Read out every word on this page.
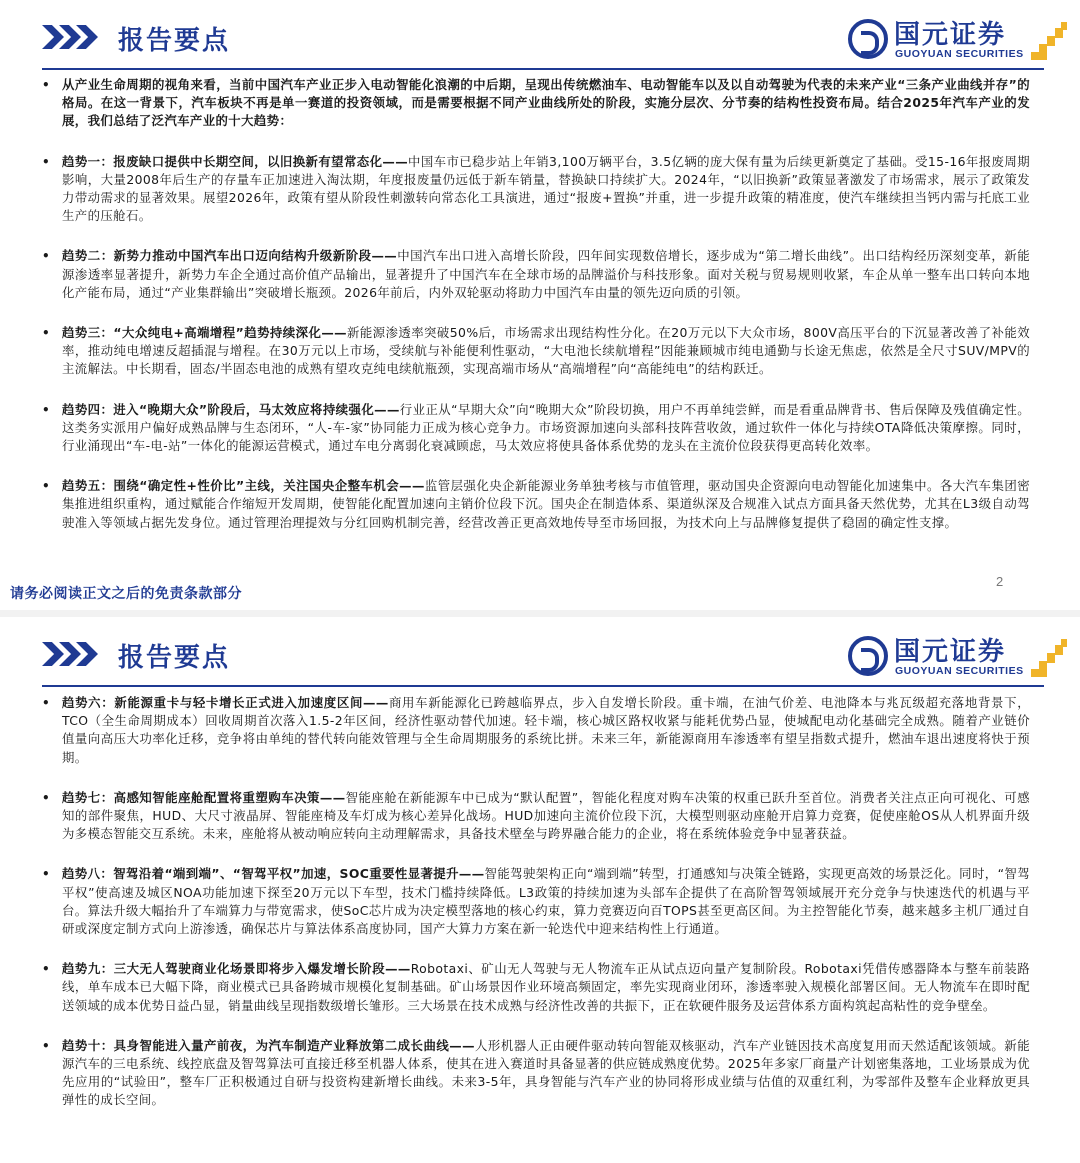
报告要点	国元证券
GUOYUAN SECURITIES
• 从产业生命周期的视角来看，当前中国汽车产业正步入电动智能化浪潮的中后期，呈现出传统燃油车、电动智能车以及以自动驾驶为代表的未来产业“三条产业曲线并存”的格局。在这一背景下，汽车板块不再是单一赛道的投资领域，而是需要根据不同产业曲线所处的阶段，实施分层次、分节奏的结构性投资布局。结合2025年汽车产业的发展，我们总结了泛汽车产业的十大趋势：
• 趋势一：报废缺口提供中长期空间，以旧换新有望常态化——中国车市已稳步站上年销3,100万辆平台，3.5亿辆的庞大保有量为后续更新奠定了基础。受15-16年报废周期影响，大量2008年后生产的存量车正加速进入淘汰期，年度报废量仍远低于新车销量，替换缺口持续扩大。2024年，“以旧换新”政策显著激发了市场需求，展示了政策发力带动需求的显著效果。展望2026年，政策有望从阶段性刺激转向常态化工具演进，通过“报废+置换”并重，进一步提升政策的精准度，使汽车继续担当钙内需与托底工业生产的压舱石。
• 趋势二：新势力推动中国汽车出口迈向结构升级新阶段——中国汽车出口进入高增长阶段，四年间实现数倍增长，逐步成为“第二增长曲线”。出口结构经历深刻变革，新能源渗透率显著提升，新势力车企全通过高价值产品输出，显著提升了中国汽车在全球市场的品牌溢价与科技形象。面对关税与贸易规则收紧，车企从单一整车出口转向本地化产能布局，通过“产业集群输出”突破增长瓶颈。2026年前后，内外双轮驱动将助力中国汽车由量的领先迈向质的引领。
• 趋势三：“大众纯电+高端增程”趋势持续深化——新能源渗透率突破50%后，市场需求出现结构性分化。在20万元以下大众市场，800V高压平台的下沉显著改善了补能效率，推动纯电增速反超插混与增程。在30万元以上市场，受续航与补能便利性驱动，“大电池长续航增程”因能兼顾城市纯电通勤与长途无焦虑，依然是全尺寸SUV/MPV的主流解法。中长期看，固态/半固态电池的成熟有望攻克纯电续航瓶颈，实现高端市场从“高端增程”向“高能纯电”的结构跃迁。
• 趋势四：进入“晚期大众”阶段后，马太效应将持续强化——行业正从“早期大众”向“晚期大众”阶段切换，用户不再单纯尝鲜，而是看重品牌背书、售后保障及残值确定性。这类务实派用户偏好成熟品牌与生态闭环，“人-车-家”协同能力正成为核心竞争力。市场资源加速向头部科技阵营收敛，通过软件一体化与持续OTA降低决策摩擦。同时，行业涌现出“车-电-站”一体化的能源运营模式，通过车电分离弱化衰减顾虑，马太效应将使具备体系优势的龙头在主流价位段获得更高转化效率。
• 趋势五：围绕“确定性+性价比”主线，关注国央企整车机会——监管层强化央企新能源业务单独考核与市值管理，驱动国央企资源向电动智能化加速集中。各大汽车集团密集推进组织重构，通过赋能合作缩短开发周期，使智能化配置加速向主销价位段下沉。国央企在制造体系、渠道纵深及合规准入试点方面具备天然优势，尤其在L3级自动驾驶准入等领域占据先发身位。通过管理治理提效与分红回购机制完善，经营改善正更高效地传导至市场回报，为技术向上与品牌修复提供了稳固的确定性支撑。
2
请务必阅读正文之后的免责条款部分
报告要点	国元证券
GUOYUAN SECURITIES
• 趋势六：新能源重卡与轻卡增长正式进入加速度区间——商用车新能源化已跨越临界点，步入自发增长阶段。重卡端，在油气价差、电池降本与兆瓦级超充落地背景下，TCO（全生命周期成本）回收周期首次落入1.5-2年区间，经济性驱动替代加速。轻卡端，核心城区路权收紧与能耗优势凸显，使城配电动化基础完全成熟。随着产业链价值量向高压大功率化迁移，竞争将由单纯的替代转向能效管理与全生命周期服务的系统比拼。未来三年，新能源商用车渗透率有望呈指数式提升，燃油车退出速度将快于预期。
• 趋势七：高感知智能座舱配置将重塑购车决策——智能座舱在新能源车中已成为“默认配置”，智能化程度对购车决策的权重已跃升至首位。消费者关注点正向可视化、可感知的部件聚焦，HUD、大尺寸液晶屏、智能座椅及车灯成为核心差异化战场。HUD加速向主流价位段下沉，大模型则驱动座舱开启算力竞赛，促使座舱OS从人机界面升级为多模态智能交互系统。未来，座舱将从被动响应转向主动理解需求，具备技术壁垒与跨界融合能力的企业，将在系统体验竞争中显著获益。
• 趋势八：智驾沿着“端到端”、“智驾平权”加速，SOC重要性显著提升——智能驾驶架构正向“端到端”转型，打通感知与决策全链路，实现更高效的场景泛化。同时，“智驾平权”使高速及城区NOA功能加速下探至20万元以下车型，技术门槛持续降低。L3政策的持续加速为头部车企提供了在高阶智驾领域展开充分竞争与快速迭代的机遇与平台。算法升级大幅抬升了车端算力与带宽需求，使SoC芯片成为决定模型落地的核心约束，算力竞赛迈向百TOPS甚至更高区间。为主控智能化节奏，越来越多主机厂通过自研或深度定制方式向上游渗透，确保芯片与算法体系高度协同，国产大算力方案在新一轮迭代中迎来结构性上行通道。
• 趋势九：三大无人驾驶商业化场景即将步入爆发增长阶段——Robotaxi、矿山无人驾驶与无人物流车正从试点迈向量产复制阶段。Robotaxi凭借传感器降本与整车前装路线，单车成本已大幅下降，商业模式已具备跨城市规模化复制基础。矿山场景因作业环境高频固定，率先实现商业闭环，渗透率驶入规模化部署区间。无人物流车在即时配送领域的成本优势日益凸显，销量曲线呈现指数级增长雏形。三大场景在技术成熟与经济性改善的共振下，正在软硬件服务及运营体系方面构筑起高粘性的竞争壁垒。
• 趋势十：具身智能进入量产前夜，为汽车制造产业释放第二成长曲线——人形机器人正由硬件驱动转向智能双核驱动，汽车产业链因技术高度复用而天然适配该领域。新能源汽车的三电系统、线控底盘及智驾算法可直接迁移至机器人体系，使其在进入赛道时具备显著的供应链成熟度优势。2025年多家厂商量产计划密集落地，工业场景成为优先应用的“试验田”，整车厂正积极通过自研与投资构建新增长曲线。未来3-5年，具身智能与汽车产业的协同将形成业绩与估值的双重红利，为零部件及整车企业释放更具弹性的成长空间。
